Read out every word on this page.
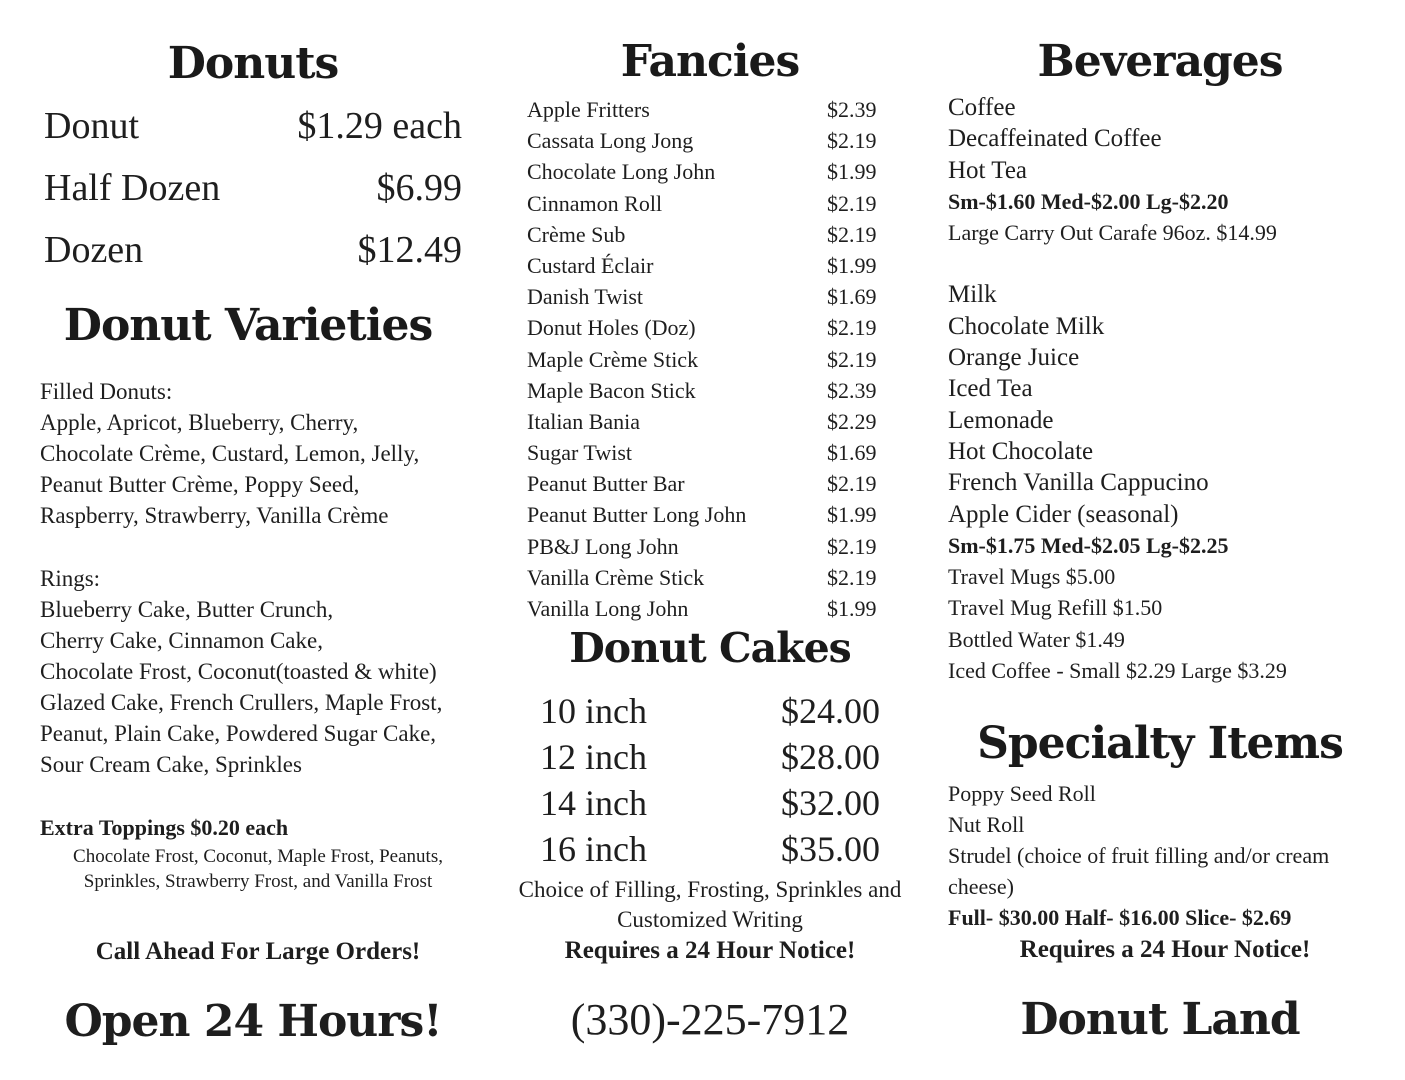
Donuts
Donut	$1.29 each
Half Dozen	$6.99
Dozen	$12.49
Donut Varieties
Filled Donuts:
Apple, Apricot, Blueberry, Cherry,
Chocolate Crème, Custard, Lemon, Jelly,
Peanut Butter Crème, Poppy Seed,
Raspberry, Strawberry, Vanilla Crème
Rings:
Blueberry Cake, Butter Crunch,
Cherry Cake, Cinnamon Cake,
Chocolate Frost, Coconut(toasted & white)
Glazed Cake, French Crullers, Maple Frost,
Peanut, Plain Cake, Powdered Sugar Cake,
Sour Cream Cake, Sprinkles
Extra Toppings $0.20 each
Chocolate Frost, Coconut, Maple Frost, Peanuts,
Sprinkles, Strawberry Frost, and Vanilla Frost
Call Ahead For Large Orders!
Open 24 Hours!
Fancies
Apple Fritters	$2.39
Cassata Long Jong	$2.19
Chocolate Long John	$1.99
Cinnamon Roll	$2.19
Crème Sub	$2.19
Custard Éclair	$1.99
Danish Twist	$1.69
Donut Holes (Doz)	$2.19
Maple Crème Stick	$2.19
Maple Bacon Stick	$2.39
Italian Bania	$2.29
Sugar Twist	$1.69
Peanut Butter Bar	$2.19
Peanut Butter Long John	$1.99
PB&J Long John	$2.19
Vanilla Crème Stick	$2.19
Vanilla Long John	$1.99
Donut Cakes
10 inch	$24.00
12 inch	$28.00
14 inch	$32.00
16 inch	$35.00
Choice of Filling, Frosting, Sprinkles and
Customized Writing
Requires a 24 Hour Notice!
(330)-225-7912
Beverages
Coffee
Decaffeinated Coffee
Hot Tea
Sm-$1.60 Med-$2.00 Lg-$2.20
Large Carry Out Carafe 96oz. $14.99
Milk
Chocolate Milk
Orange Juice
Iced Tea
Lemonade
Hot Chocolate
French Vanilla Cappucino
Apple Cider (seasonal)
Sm-$1.75 Med-$2.05 Lg-$2.25
Travel Mugs $5.00
Travel Mug Refill $1.50
Bottled Water $1.49
Iced Coffee - Small $2.29 Large $3.29
Specialty Items
Poppy Seed Roll
Nut Roll
Strudel (choice of fruit filling and/or cream cheese)
Full- $30.00 Half- $16.00 Slice- $2.69
Requires a 24 Hour Notice!
Donut Land
